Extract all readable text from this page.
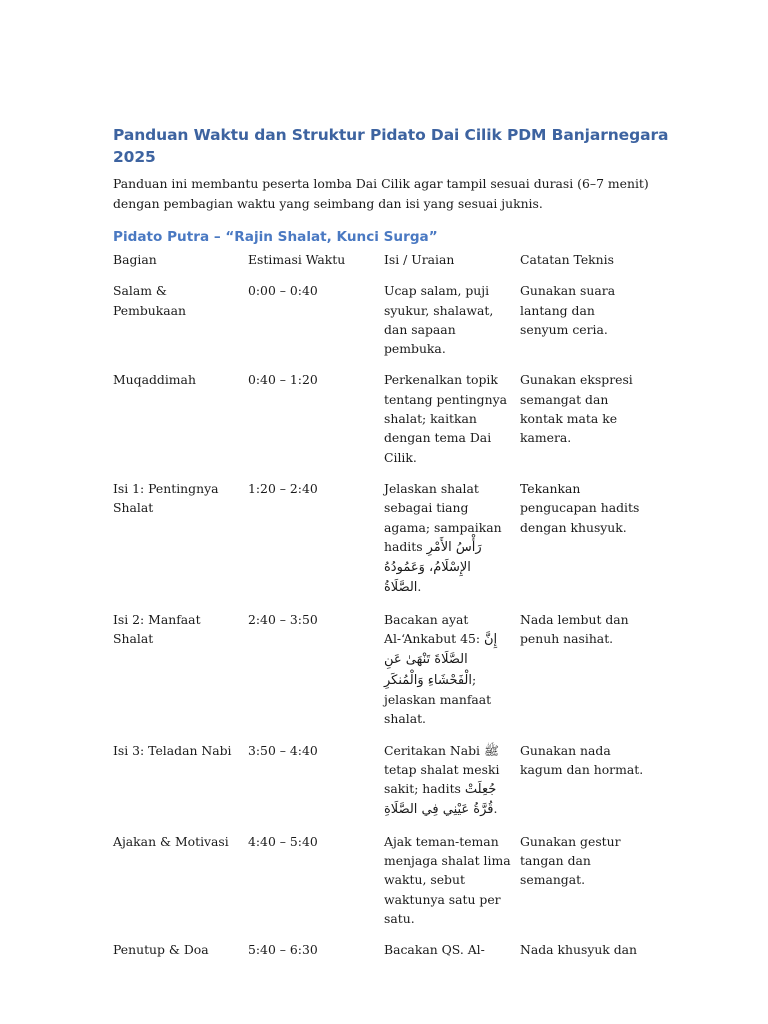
Panduan Waktu dan Struktur Pidato Dai Cilik PDM Banjarnegara 2025

Panduan ini membantu peserta lomba Dai Cilik agar tampil sesuai durasi (6–7 menit) dengan pembagian waktu yang seimbang dan isi yang sesuai juknis.

Pidato Putra – “Rajin Shalat, Kunci Surga”
Bagian	Estimasi Waktu	Isi / Uraian	Catatan Teknis
Salam & Pembukaan	0:00 – 0:40	Ucap salam, puji syukur, shalawat, dan sapaan pembuka.	Gunakan suara lantang dan senyum ceria.
Muqaddimah	0:40 – 1:20	Perkenalkan topik tentang pentingnya shalat; kaitkan dengan tema Dai Cilik.	Gunakan ekspresi semangat dan kontak mata ke kamera.
Isi 1: Pentingnya Shalat	1:20 – 2:40	Jelaskan shalat sebagai tiang agama; sampaikan hadits رَأْسُ الأَمْرِ الإِسْلَامُ، وَعَمُودُهُ الصَّلَاةُ.	Tekankan pengucapan hadits dengan khusyuk.
Isi 2: Manfaat Shalat	2:40 – 3:50	Bacakan ayat Al-‘Ankabut 45: إِنَّ الصَّلَاةَ تَنْهَىٰ عَنِ الْفَحْشَاءِ وَالْمُنكَرِ; jelaskan manfaat shalat.	Nada lembut dan penuh nasihat.
Isi 3: Teladan Nabi	3:50 – 4:40	Ceritakan Nabi ﷺ tetap shalat meski sakit; hadits جُعِلَتْ قُرَّةُ عَيْنِي فِي الصَّلَاةِ.	Gunakan nada kagum dan hormat.
Ajakan & Motivasi	4:40 – 5:40	Ajak teman-teman menjaga shalat lima waktu, sebut waktunya satu per satu.	Gunakan gestur tangan dan semangat.
Penutup & Doa	5:40 – 6:30	Bacakan QS. Al-	Nada khusyuk dan
